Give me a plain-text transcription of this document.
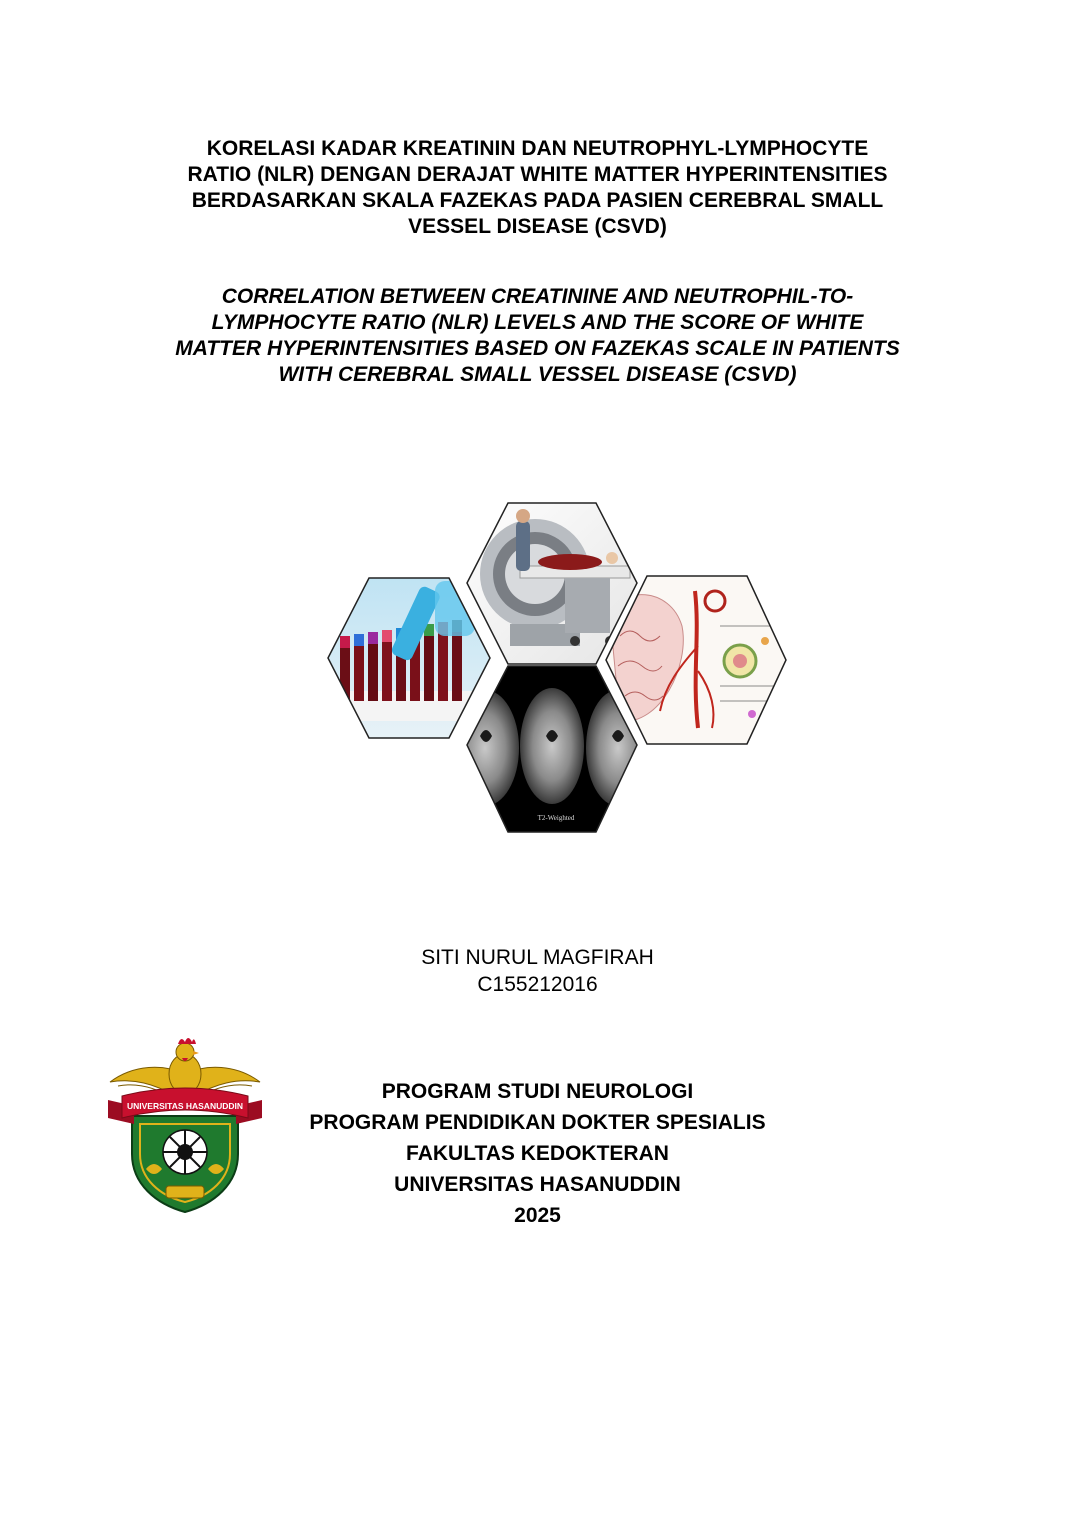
KORELASI KADAR KREATININ DAN NEUTROPHYL-LYMPHOCYTE
RATIO (NLR) DENGAN DERAJAT WHITE MATTER HYPERINTENSITIES
BERDASARKAN SKALA FAZEKAS PADA PASIEN CEREBRAL SMALL
VESSEL DISEASE (CSVD)
CORRELATION BETWEEN CREATININE AND NEUTROPHIL-TO-
LYMPHOCYTE RATIO (NLR) LEVELS AND THE SCORE OF WHITE
MATTER HYPERINTENSITIES BASED ON FAZEKAS SCALE IN PATIENTS
WITH CEREBRAL SMALL VESSEL DISEASE (CSVD)
T2-Weighted
SITI NURUL MAGFIRAH
C155212016
UNIVERSITAS HASANUDDIN
PROGRAM STUDI NEUROLOGI
PROGRAM PENDIDIKAN DOKTER SPESIALIS
FAKULTAS KEDOKTERAN
UNIVERSITAS HASANUDDIN
2025
